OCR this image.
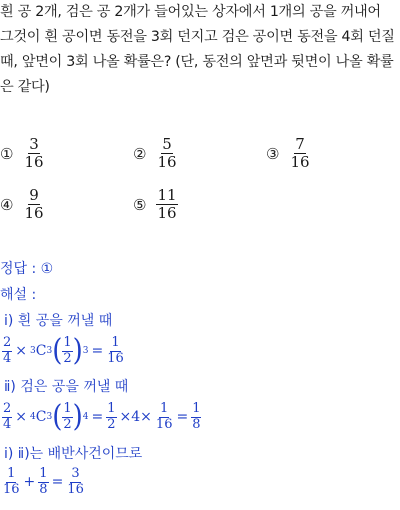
흰 공 2개, 검은 공 2개가 들어있는 상자에서 1개의 공을 꺼내어
그것이 흰 공이면 동전을 3회 던지고 검은 공이면 동전을 4회 던질
때, 앞면이 3회 나올 확률은? (단, 동전의 앞면과 뒷면이 나올 확률
은 같다)
① $\frac{3}{16}$	② $\frac{5}{16}$	③ $\frac{7}{16}$
④ $\frac{9}{16}$	⑤ $\frac{11}{16}$
정답 : ①
해설 :
ⅰ) 흰 공을 꺼낼 때
$\frac{2}{4} \times 3$ C 3 ( $\frac{1}{2}$ ) $3 = \frac{1}{16}$
ⅱ) 검은 공을 꺼낼 때
$\frac{2}{4} \times 4$ C 3 ( $\frac{1}{2}$ ) $4 = \frac{1}{2} \times 4\times \frac{1}{16} = \frac{1}{8}$
ⅰ) ⅱ)는 배반사건이므로
$\frac{1}{16} + \frac{1}{8} = \frac{3}{16}$
